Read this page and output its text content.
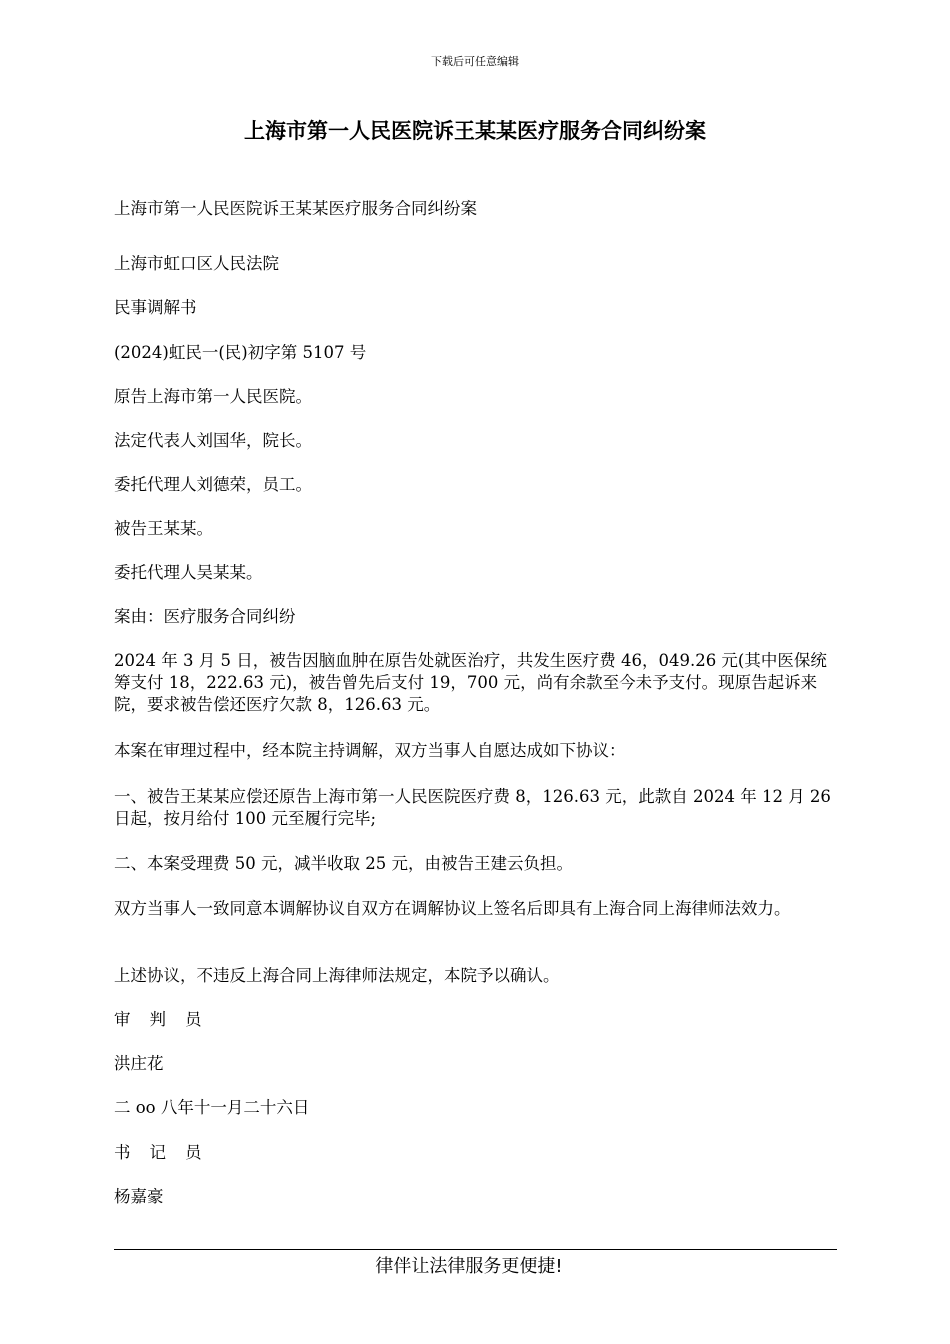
下载后可任意编辑
上海市第一人民医院诉王某某医疗服务合同纠纷案
上海市第一人民医院诉王某某医疗服务合同纠纷案
上海市虹口区人民法院
民事调解书
(2024)虹民一(民)初字第 5107 号
原告上海市第一人民医院。
法定代表人刘国华，院长。
委托代理人刘德荣，员工。
被告王某某。
委托代理人吴某某。
案由：医疗服务合同纠纷
2024 年 3 月 5 日，被告因脑血肿在原告处就医治疗，共发生医疗费 46，049.26 元(其中医保统筹支付 18，222.63 元)，被告曾先后支付 19，700 元，尚有余款至今未予支付。现原告起诉来院，要求被告偿还医疗欠款 8，126.63 元。
本案在审理过程中，经本院主持调解，双方当事人自愿达成如下协议：
一、被告王某某应偿还原告上海市第一人民医院医疗费 8，126.63 元，此款自 2024 年 12 月 26 日起，按月给付 100 元至履行完毕;
二、本案受理费 50 元，减半收取 25 元，由被告王建云负担。
双方当事人一致同意本调解协议自双方在调解协议上签名后即具有上海合同上海律师法效力。
上述协议，不违反上海合同上海律师法规定，本院予以确认。
审 判 员
洪庄花
二 oo 八年十一月二十六日
书 记 员
杨嘉豪
律伴让法律服务更便捷!
